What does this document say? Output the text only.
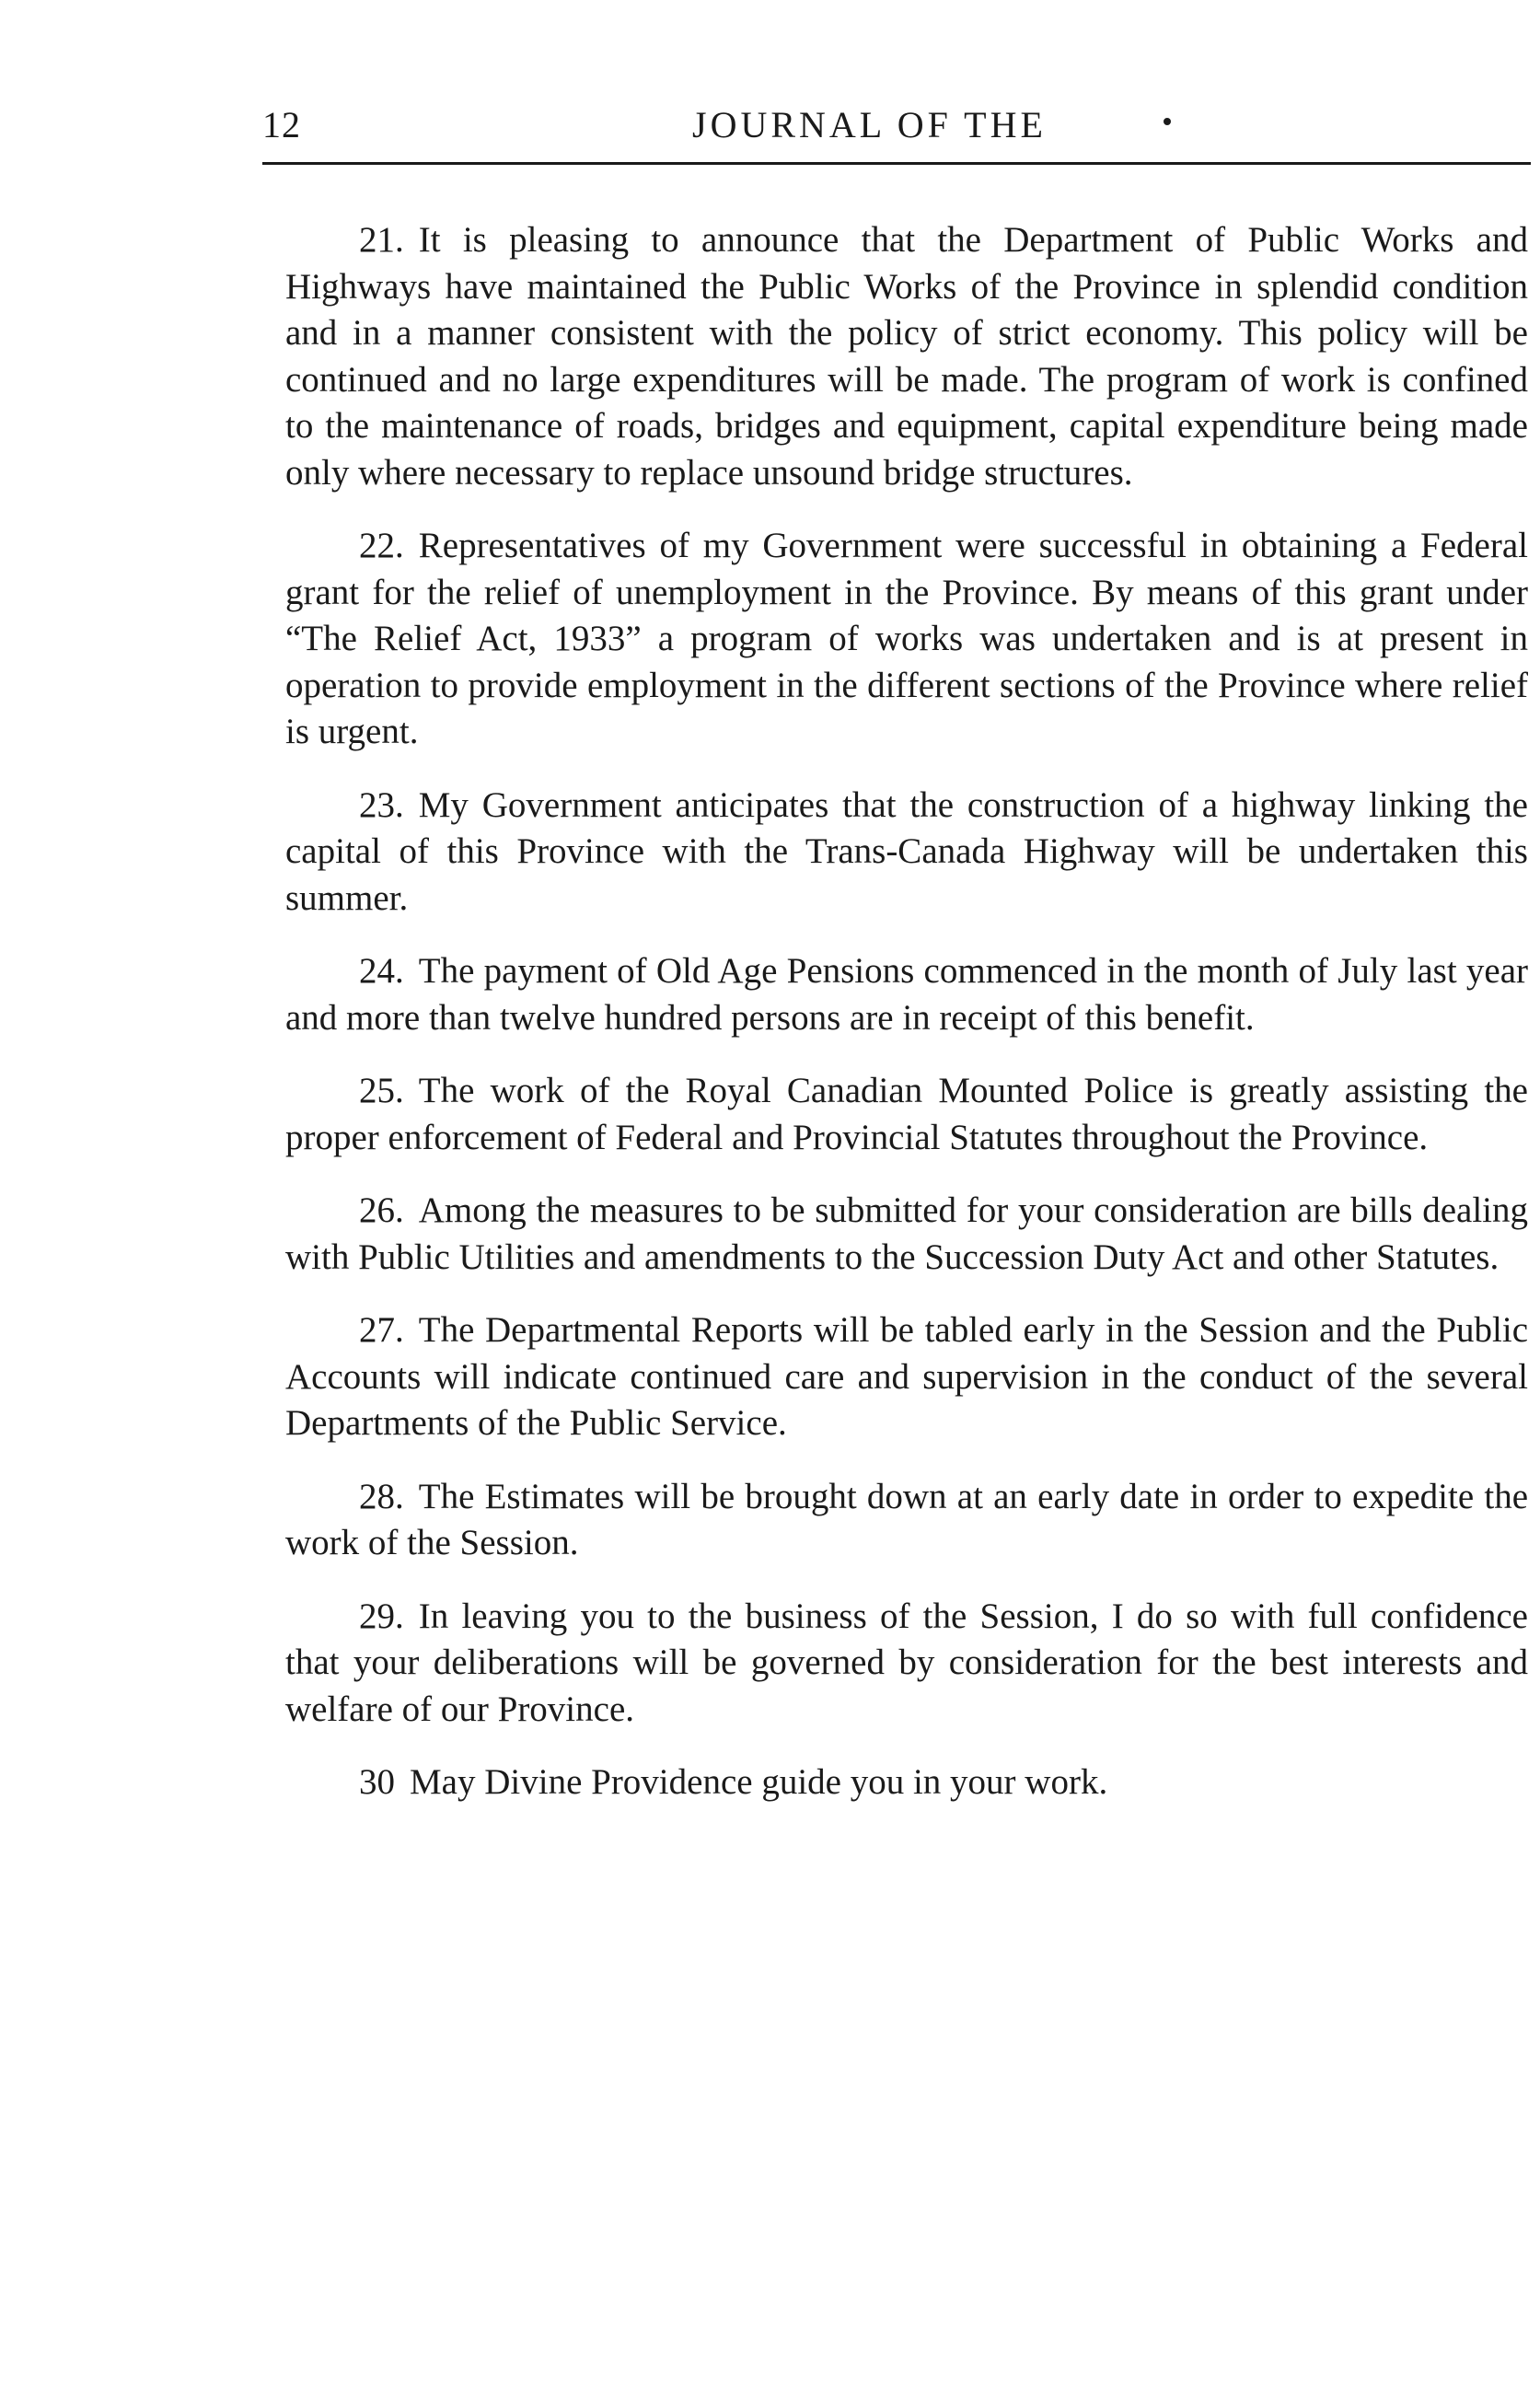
12	JOURNAL OF THE

21. It is pleasing to announce that the Department of Public Works and Highways have maintained the Public Works of the Province in splendid condition and in a manner consistent with the policy of strict economy. This policy will be continued and no large expenditures will be made. The program of work is confined to the maintenance of roads, bridges and equipment, capital expenditure being made only where necessary to replace unsound bridge structures.

22. Representatives of my Government were successful in obtaining a Federal grant for the relief of unemployment in the Province. By means of this grant under “The Relief Act, 1933” a program of works was undertaken and is at present in operation to provide employment in the different sections of the Province where relief is urgent.

23. My Government anticipates that the construction of a highway linking the capital of this Province with the Trans-Canada Highway will be undertaken this summer.

24. The payment of Old Age Pensions commenced in the month of July last year and more than twelve hundred persons are in receipt of this benefit.

25. The work of the Royal Canadian Mounted Police is greatly assisting the proper enforcement of Federal and Provincial Statutes throughout the Province.

26. Among the measures to be submitted for your consideration are bills dealing with Public Utilities and amendments to the Succession Duty Act and other Statutes.

27. The Departmental Reports will be tabled early in the Session and the Public Accounts will indicate continued care and supervision in the conduct of the several Departments of the Public Service.

28. The Estimates will be brought down at an early date in order to expedite the work of the Session.

29. In leaving you to the business of the Session, I do so with full confidence that your deliberations will be governed by consideration for the best interests and welfare of our Province.

30 May Divine Providence guide you in your work.
